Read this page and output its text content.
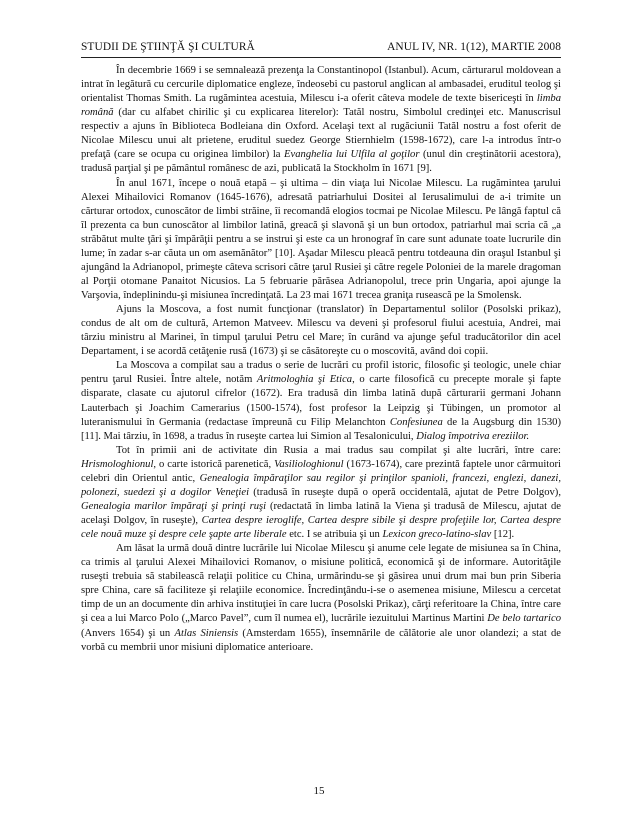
STUDII DE ŞTIINŢĂ ŞI CULTURĂ	ANUL IV, NR. 1(12), MARTIE 2008

În decembrie 1669 i se semnalează prezenţa la Constantinopol (Istanbul). Acum, cărturarul moldovean a intrat în legătură cu cercurile diplomatice engleze, îndeosebi cu pastorul anglican al ambasadei, eruditul teolog şi orientalist Thomas Smith. La rugămintea acestuia, Milescu i-a oferit câteva modele de texte bisericeşti în limba română (dar cu alfabet chirilic şi cu explicarea literelor): Tatăl nostru, Simbolul credinţei etc. Manuscrisul respectiv a ajuns în Biblioteca Bodleiana din Oxford. Acelaşi text al rugăciunii Tatăl nostru a fost oferit de Nicolae Milescu unui alt prietene, eruditul suedez George Stiernhielm (1598-1672), care l-a introdus într-o prefaţă (care se ocupa cu originea limbilor) la Evanghelia lui Ulfila al goţilor (unul din creştinătorii acestora), tradusă parţial şi pe pământul românesc de azi, publicată la Stockholm în 1671 [9].

În anul 1671, începe o nouă etapă – şi ultima – din viaţa lui Nicolae Milescu. La rugămintea ţarului Alexei Mihailovici Romanov (1645-1676), adresată patriarhului Dositei al Ierusalimului de a-i trimite un cărturar ortodox, cunoscător de limbi străine, îi recomandă elogios tocmai pe Nicolae Milescu. Pe lângă faptul că îl prezenta ca bun cunoscător al limbilor latină, greacă şi slavonă şi un bun ortodox, patriarhul mai scria că „a străbătut multe ţări şi împărăţii pentru a se instrui şi este ca un hronograf în care sunt adunate toate lucrurile din lume; în zadar s-ar căuta un om asemănător” [10]. Aşadar Milescu pleacă pentru totdeauna din oraşul Istanbul şi ajungând la Adrianopol, primeşte câteva scrisori către ţarul Rusiei şi către regele Poloniei de la marele dragoman al Porţii otomane Panaitot Nicusios. La 5 februarie părăsea Adrianopolul, trece prin Ungaria, apoi ajunge la Varşovia, îndeplinindu-şi misiunea încredinţată. La 23 mai 1671 trecea graniţa rusească pe la Smolensk.

Ajuns la Moscova, a fost numit funcţionar (translator) în Departamentul solilor (Posolski prikaz), condus de alt om de cultură, Artemon Matveev. Milescu va deveni şi profesorul fiului acestuia, Andrei, mai târziu ministru al Marinei, în timpul ţarului Petru cel Mare; în curând va ajunge şeful traducătorilor din acel Departament, i se acordă cetăţenie rusă (1673) şi se căsătoreşte cu o moscovită, având doi copii.

La Moscova a compilat sau a tradus o serie de lucrări cu profil istoric, filosofic şi teologic, unele chiar pentru ţarul Rusiei. Între altele, notăm Aritmologhia şi Etica, o carte filosofică cu precepte morale şi fapte disparate, clasate cu ajutorul cifrelor (1672). Era tradusă din limba latină după cărturarii germani Johann Lauterbach şi Joachim Camerarius (1500-1574), fost profesor la Leipzig şi Tübingen, un promotor al luteranismului în Germania (redactase împreună cu Filip Melanchton Confesiunea de la Augsburg din 1530) [11]. Mai târziu, în 1698, a tradus în ruseşte cartea lui Simion al Tesalonicului, Dialog împotriva ereziilor.

Tot în primii ani de activitate din Rusia a mai tradus sau compilat şi alte lucrări, între care: Hrismologhionul, o carte istorică parenetică, Vasiliologhionul (1673-1674), care prezintă faptele unor cârmuitori celebri din Orientul antic, Genealogia împăraţilor sau regilor şi prinţilor spanioli, francezi, englezi, danezi, polonezi, suedezi şi a dogilor Veneţiei (tradusă în ruseşte după o operă occidentală, ajutat de Petre Dolgov), Genealogia marilor împăraţi şi prinţi ruşi (redactată în limba latină la Viena şi tradusă de Milescu, ajutat de acelaşi Dolgov, în ruseşte), Cartea despre ieroglife, Cartea despre sibile şi despre profeţiile lor, Cartea despre cele nouă muze şi despre cele şapte arte liberale etc. I se atribuia şi un Lexicon greco-latino-slav [12].

Am lăsat la urmă două dintre lucrările lui Nicolae Milescu şi anume cele legate de misiunea sa în China, ca trimis al ţarului Alexei Mihailovici Romanov, o misiune politică, economică şi de informare. Autorităţile ruseşti trebuia să stabilească relaţii politice cu China, urmărindu-se şi găsirea unui drum mai bun prin Siberia spre China, care să faciliteze şi relaţiile economice. Încredinţându-i-se o asemenea misiune, Milescu a cercetat timp de un an documente din arhiva instituţiei în care lucra (Posolski Prikaz), cărţi referitoare la China, între care şi cea a lui Marco Polo („Marco Pavel”, cum îl numea el), lucrările iezuitului Martinus Martini De belo tartarico (Anvers 1654) şi un Atlas Siniensis (Amsterdam 1655), însemnările de călătorie ale unor olandezi; a stat de vorbă cu membrii unor misiuni diplomatice anterioare.

15
